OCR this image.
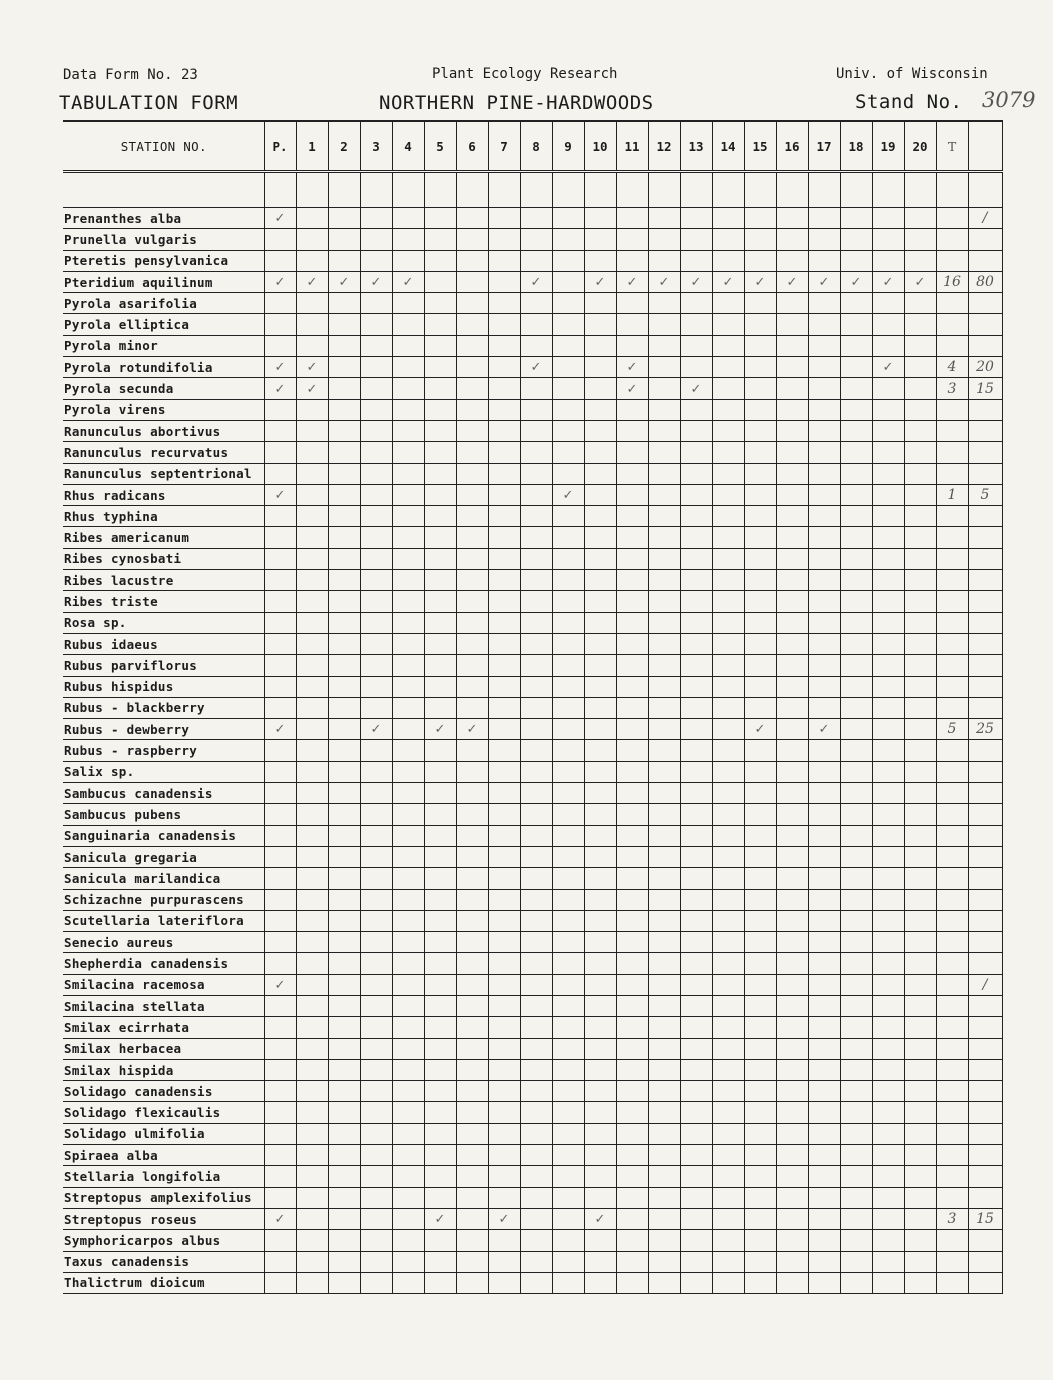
Data Form No. 23	Plant Ecology Research	Univ. of Wisconsin
TABULATION FORM	NORTHERN PINE-HARDWOODS	Stand No. 3079
STATION NO.	P.	1	2	3	4	5	6	7	8	9	10	11	12	13	14	15	16	17	18	19	20	T	

Prenanthes alba	✓																						/
Prunella vulgaris																							
Pteretis pensylvanica																							
Pteridium aquilinum	✓	✓	✓	✓	✓				✓		✓	✓	✓	✓	✓	✓	✓	✓	✓	✓	✓	16	80
Pyrola asarifolia																							
Pyrola elliptica																							
Pyrola minor																							
Pyrola rotundifolia	✓	✓							✓			✓								✓		4	20
Pyrola secunda	✓	✓										✓		✓								3	15
Pyrola virens																							
Ranunculus abortivus																							
Ranunculus recurvatus																							
Ranunculus septentrional																							
Rhus radicans	✓									✓												1	5
Rhus typhina																							
Ribes americanum																							
Ribes cynosbati																							
Ribes lacustre																							
Ribes triste																							
Rosa sp.																							
Rubus idaeus																							
Rubus parviflorus																							
Rubus hispidus																							
Rubus - blackberry																							
Rubus - dewberry	✓			✓		✓	✓									✓		✓				5	25
Rubus - raspberry																							
Salix sp.																							
Sambucus canadensis																							
Sambucus pubens																							
Sanguinaria canadensis																							
Sanicula gregaria																							
Sanicula marilandica																							
Schizachne purpurascens																							
Scutellaria lateriflora																							
Senecio aureus																							
Shepherdia canadensis																							
Smilacina racemosa	✓																						/
Smilacina stellata																							
Smilax ecirrhata																							
Smilax herbacea																							
Smilax hispida																							
Solidago canadensis																							
Solidago flexicaulis																							
Solidago ulmifolia																							
Spiraea alba																							
Stellaria longifolia																							
Streptopus amplexifolius																							
Streptopus roseus	✓					✓		✓			✓											3	15
Symphoricarpos albus																							
Taxus canadensis																							
Thalictrum dioicum																							
